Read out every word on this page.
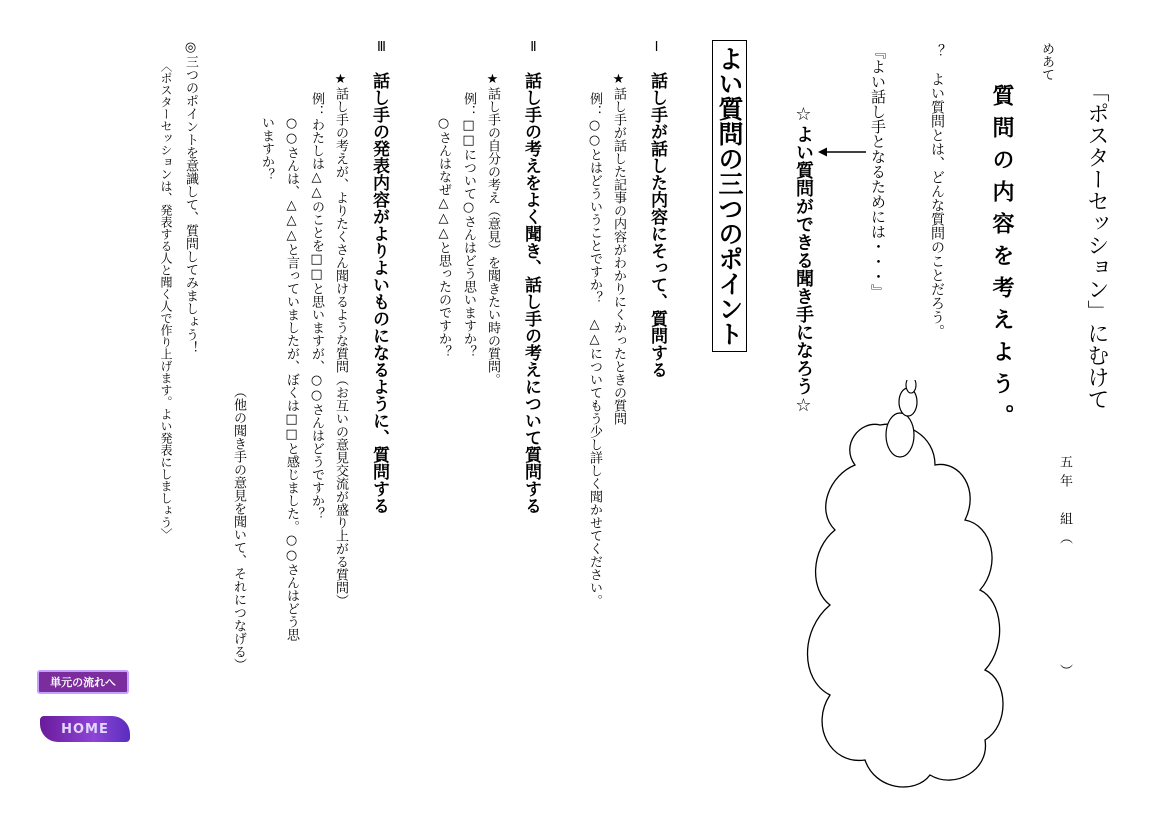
「ポスターセッション」にむけて
めあて
質問の内容を考えよう。
五年　組（　　　　　　）
？　よい質問とは、どんな質問のことだろう。
『よい話し手となるためには・・・』
☆よい質問ができる聞き手になろう☆
よい質問の三つのポイント
Ⅰ
話し手が話した内容にそって、質問する
★話し手が話した記事の内容がわかりにくかったときの質問
例：○○とはどういうことですか？　△△についてもう少し詳しく聞かせてください。
Ⅱ
話し手の考えをよく聞き、話し手の考えについて質問する
★話し手の自分の考え（意見）を聞きたい時の質問。
例：□□について○さんはどう思いますか？
○さんはなぜ△△△と思ったのですか？
Ⅲ
話し手の発表内容がよりよいものになるように、質問する
★話し手の考えが、よりたくさん聞けるような質問（お互いの意見交流が盛り上がる質問）
例：わたしは△△のことを□□と思いますが、○○さんはどうですか？
○○さんは、△△△と言っていましたが、ぼくは□□と感じました。○○さんはどう思
いますか？
（他の聞き手の意見を聞いて、それにつなげる）
◎三つのポイントを意識して、質問してみましょう！
〈ポスターセッションは、発表する人と聞く人で作り上げます。よい発表にしましょう〉
単元の流れへ
HOME
